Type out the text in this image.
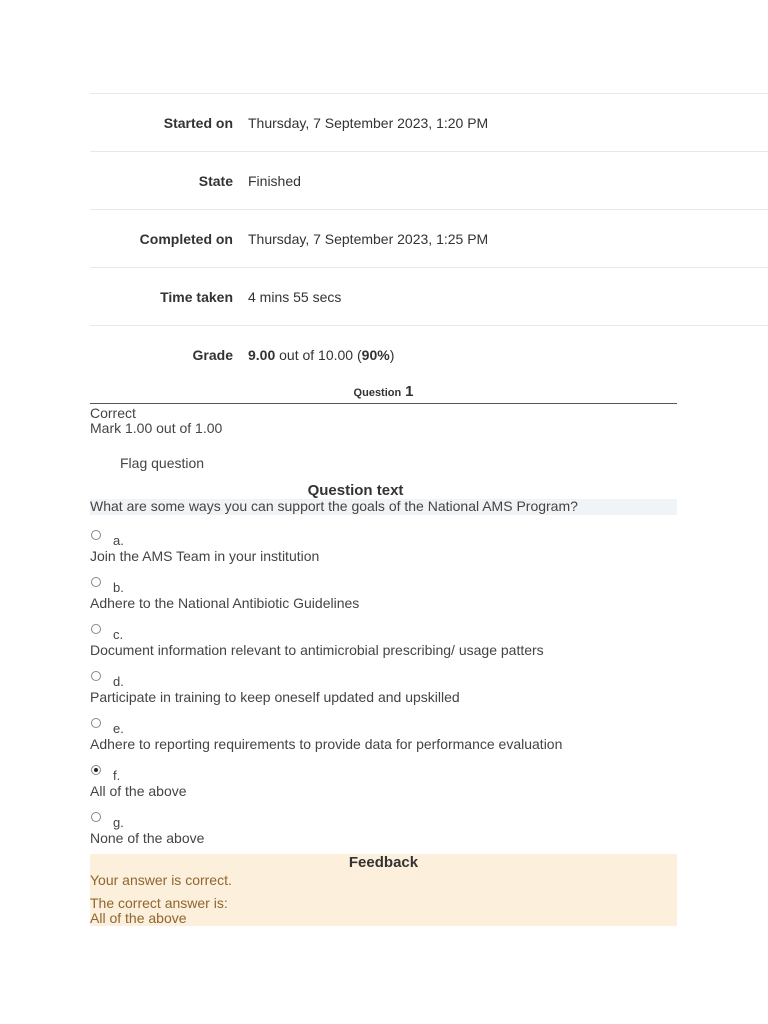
Started on Thursday, 7 September 2023, 1:20 PM
State Finished
Completed on Thursday, 7 September 2023, 1:25 PM
Time taken 4 mins 55 secs
Grade 9.00 out of 10.00 (90%)
Question 1
Correct
Mark 1.00 out of 1.00
Flag question
Question text
What are some ways you can support the goals of the National AMS Program?
a.
Join the AMS Team in your institution
b.
Adhere to the National Antibiotic Guidelines
c.
Document information relevant to antimicrobial prescribing/ usage patters
d.
Participate in training to keep oneself updated and upskilled
e.
Adhere to reporting requirements to provide data for performance evaluation
f.
All of the above
g.
None of the above
Feedback
Your answer is correct.
The correct answer is:
All of the above
